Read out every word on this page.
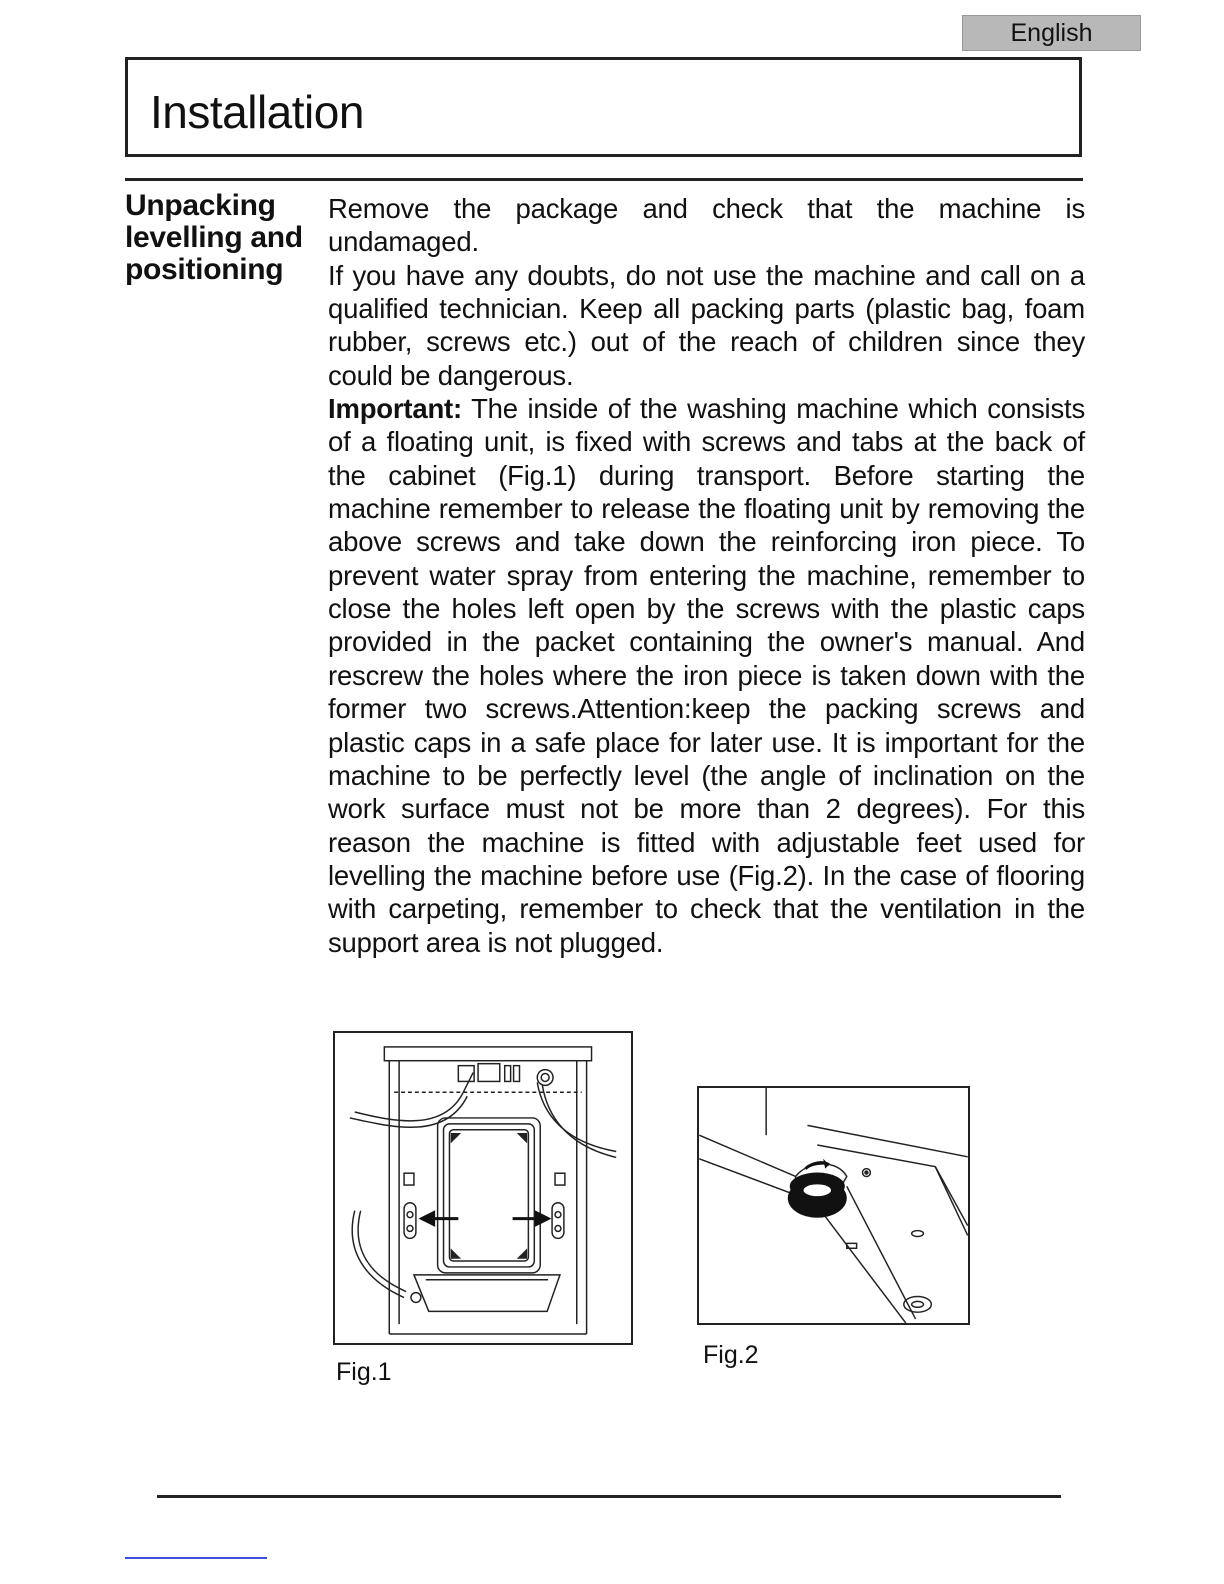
English
Installation
Unpacking
levelling and
positioning

Remove the package and check that the machine is undamaged.

If you have any doubts, do not use the machine and call on a qualified technician. Keep all packing parts (plastic bag, foam rubber, screws etc.) out of the reach of children since they could be dangerous.

Important: The inside of the washing machine which consists of a floating unit, is fixed with screws and tabs at the back of the cabinet (Fig.1) during transport. Before starting the machine remember to release the floating unit by removing the above screws and take down the reinforcing iron piece. To prevent water spray from entering the machine, remember to close the holes left open by the screws with the plastic caps provided in the packet containing the owner's manual. And rescrew the holes where the iron piece is taken down with the former two screws.Attention:keep the packing screws and plastic caps in a safe place for later use. It is important for the machine to be perfectly level (the angle of inclination on the work surface must not be more than 2 degrees). For this reason the machine is fitted with adjustable feet used for levelling the machine before use (Fig.2). In the case of flooring with carpeting, remember to check that the ventilation in the support area is not plugged.

Fig.1
Fig.2
